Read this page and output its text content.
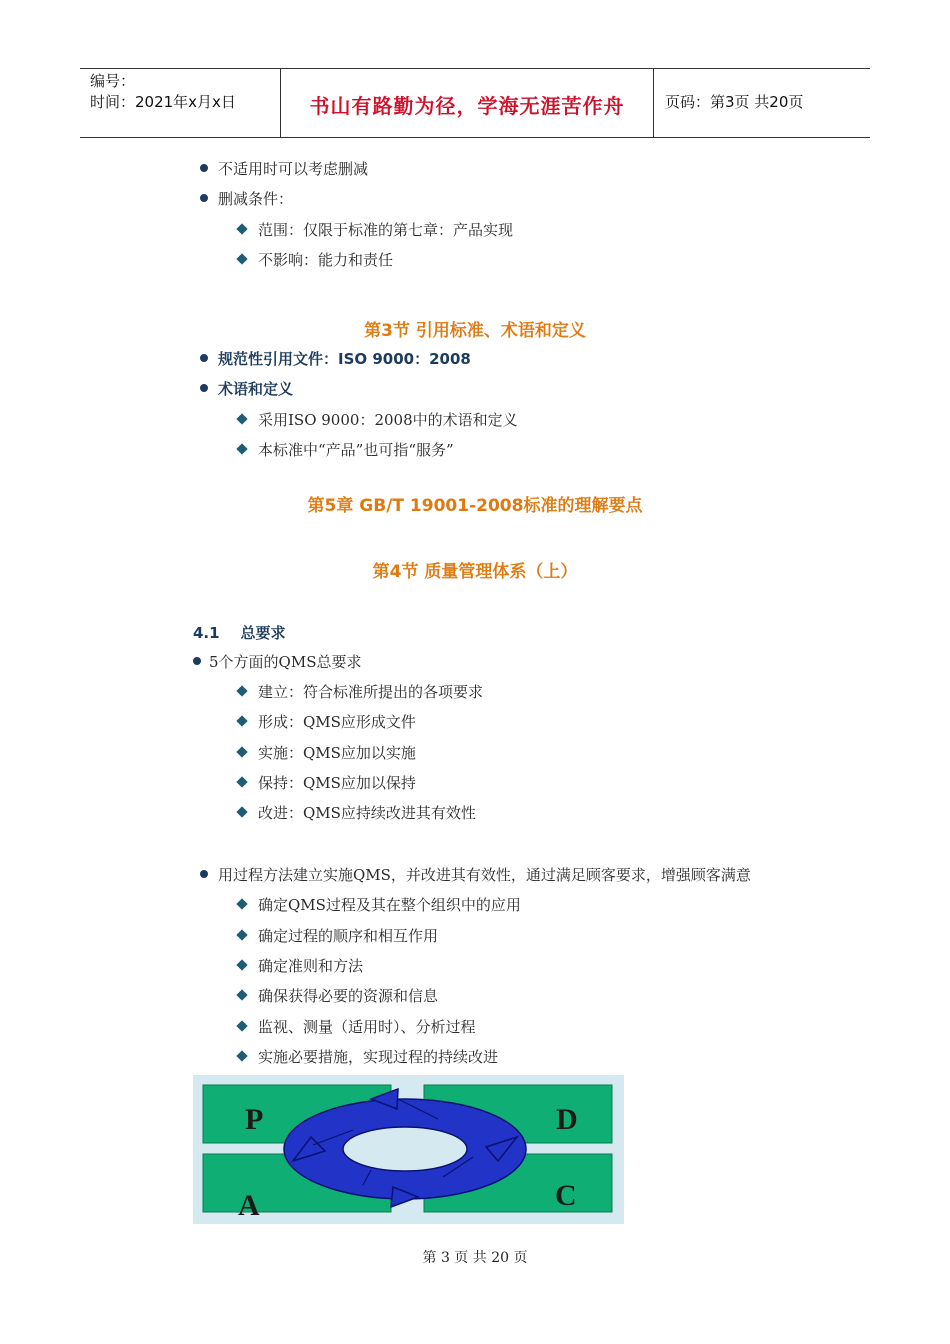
编号：
时间：2021年x月x日	书山有路勤为径，学海无涯苦作舟	页码：第3页 共20页
不适用时可以考虑删减
删减条件：
范围：仅限于标准的第七章：产品实现
不影响：能力和责任
第3节 引用标准、术语和定义
规范性引用文件：ISO 9000：2008
术语和定义
采用ISO 9000：2008中的术语和定义
本标准中“产品”也可指“服务”
第5章 GB/T 19001-2008标准的理解要点
第4节 质量管理体系（上）
4.1 总要求
5个方面的QMS总要求
建立：符合标准所提出的各项要求
形成：QMS应形成文件
实施：QMS应加以实施
保持：QMS应加以保持
改进：QMS应持续改进其有效性
用过程方法建立实施QMS，并改进其有效性，通过满足顾客要求，增强顾客满意
确定QMS过程及其在整个组织中的应用
确定过程的顺序和相互作用
确定准则和方法
确保获得必要的资源和信息
监视、测量（适用时）、分析过程
实施必要措施，实现过程的持续改进
P	D
A	C
第 3 页 共 20 页
